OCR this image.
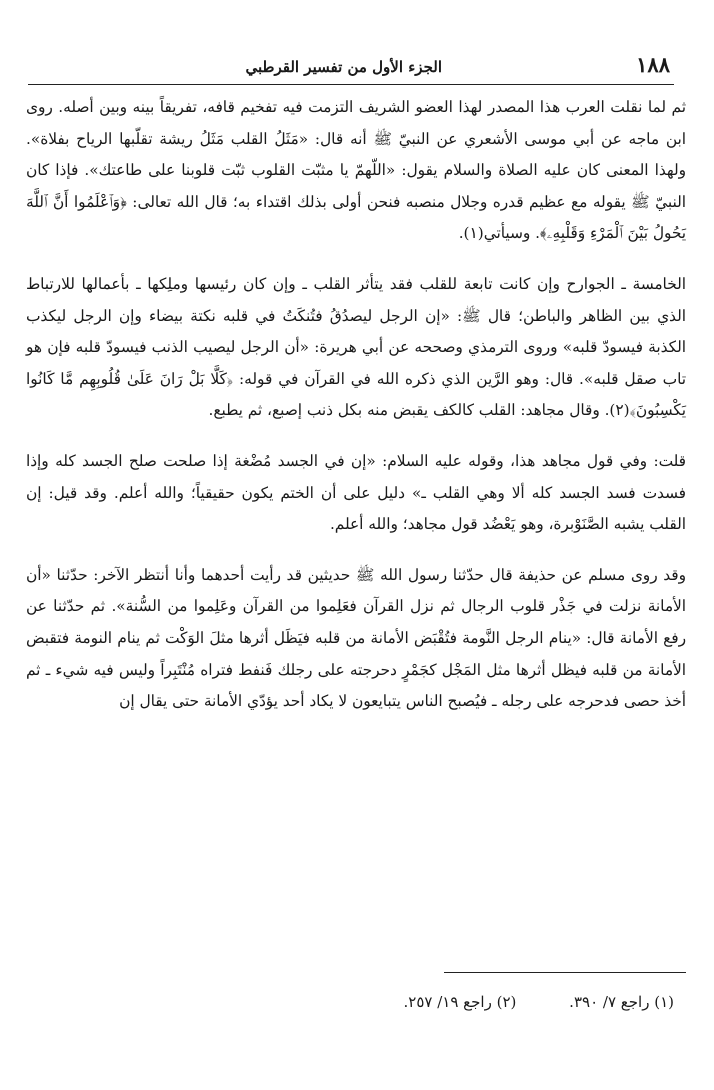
١٨٨
الجزء الأول من تفسير القرطبي

ثم لما نقلت العرب هذا المصدر لهذا العضو الشريف التزمت فيه تفخيم قافه، تفريقاً بينه وبين أصله. روى ابن ماجه عن أبي موسى الأشعري عن النبيّ ﷺ أنه قال: «مَثَلُ القلب مَثَلُ ريشة تقلّبها الرياح بفلاة». ولهذا المعنى كان عليه الصلاة والسلام يقول: «اللّهمّ يا مثبّت القلوب ثبّت قلوبنا على طاعتك». فإذا كان النبيّ ﷺ يقوله مع عظيم قدره وجلال منصبه فنحن أولى بذلك اقتداء به؛ قال الله تعالى: ﴿وَٱعْلَمُوا أَنَّ ٱللَّهَ يَحُولُ بَيْنَ ٱلْمَرْءِ وَقَلْبِهِۦ﴾. وسيأتي(١).

الخامسة ـ الجوارح وإن كانت تابعة للقلب فقد يتأثر القلب ـ وإن كان رئيسها وملِكها ـ بأعمالها للارتباط الذي بين الظاهر والباطن؛ قال ﷺ: «إن الرجل ليصدُقُ فتُنكَتُ في قلبه نكتة بيضاء وإن الرجل ليكذب الكذبة فيسودّ قلبه» وروى الترمذي وصححه عن أبي هريرة: «أن الرجل ليصيب الذنب فيسودّ قلبه فإن هو تاب صقل قلبه». قال: وهو الرَّين الذي ذكره الله في القرآن في قوله: ﴿كَلَّا بَلْ رَانَ عَلَىٰ قُلُوبِهِم مَّا كَانُوا يَكْسِبُونَ﴾(٢). وقال مجاهد: القلب كالكف يقبض منه بكل ذنب إصبع، ثم يطبع.

قلت: وفي قول مجاهد هذا، وقوله عليه السلام: «إن في الجسد مُضْغة إذا صلحت صلح الجسد كله وإذا فسدت فسد الجسد كله ألا وهي القلب ـ» دليل على أن الختم يكون حقيقياً؛ والله أعلم. وقد قيل: إن القلب يشبه الصَّنَوْبرة، وهو يَعْضُد قول مجاهد؛ والله أعلم.

وقد روى مسلم عن حذيفة قال حدّثنا رسول الله ﷺ حديثين قد رأيت أحدهما وأنا أنتظر الآخر: حدّثنا «أن الأمانة نزلت في جَذْر قلوب الرجال ثم نزل القرآن فعَلِموا من القرآن وعَلِموا من السُّنة». ثم حدّثنا عن رفع الأمانة قال: «ينام الرجل النَّومة فتُقْبَض الأمانة من قلبه فيَظَل أثرها مثلَ الوَكْت ثم ينام النومة فتقبض الأمانة من قلبه فيظل أثرها مثل المَجْل كجَمْرٍ دحرجته على رجلك فَنفط فتراه مُنْتَبِراً وليس فيه شيء ـ ثم أخذ حصى فدحرجه على رجله ـ فيُصبح الناس يتبايعون لا يكاد أحد يؤدّي الأمانة حتى يقال إن

(١) راجع ٧/ ٣٩٠. (٢) راجع ١٩/ ٢٥٧.
